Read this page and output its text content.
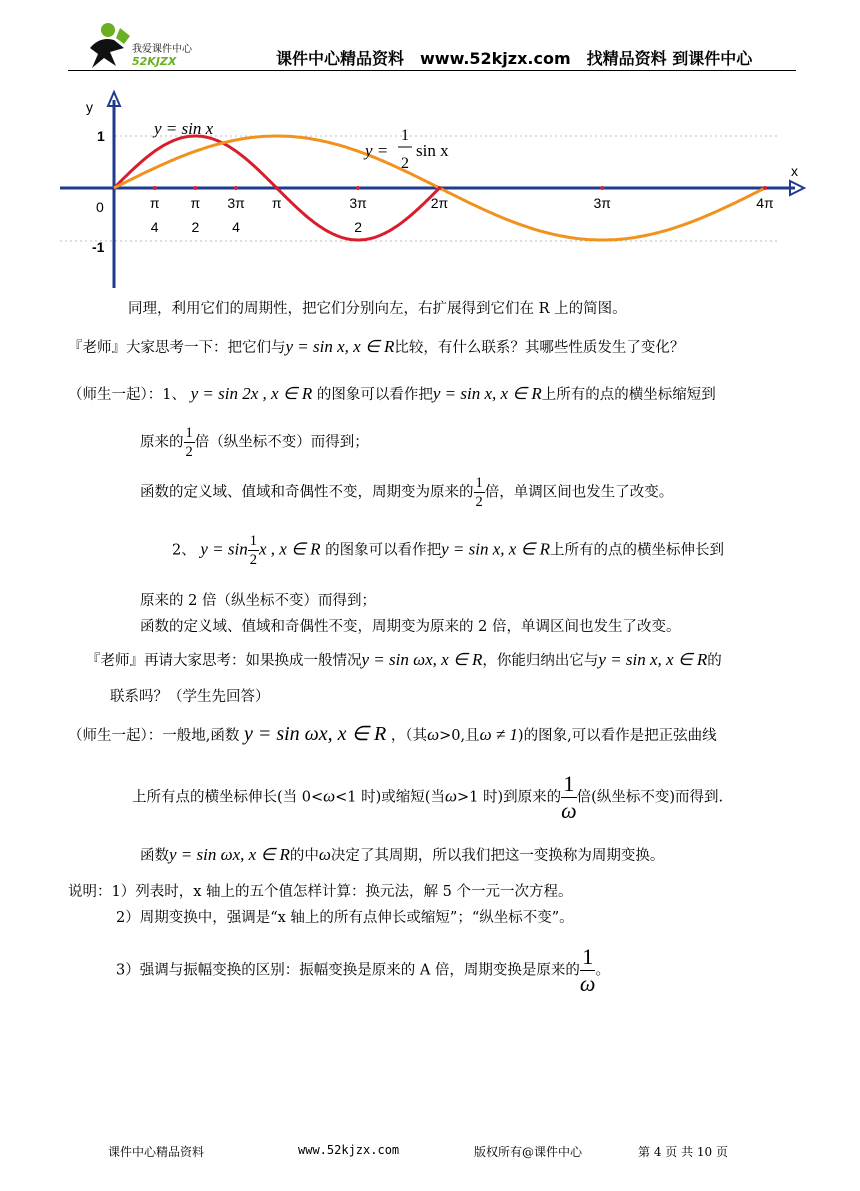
我爱课件中心
52KJZX	课件中心精品资料　www.52kjzx.com　找精品资料 到课件中心
π
4
π
2
3π
4
π	3π
2
2π	3π	4π
y
x
0
1
-1
y = sin x
y =
1
2
sin x
同理，利用它们的周期性，把它们分别向左，右扩展得到它们在 R 上的简图。
『老师』大家思考一下：把它们与y = sin x, x ∈ R比较，有什么联系？其哪些性质发生了变化？
（师生一起）：1、 y = sin 2x , x ∈ R 的图象可以看作把y = sin x, x ∈ R上所有的点的横坐标缩短到
原来的 $\frac{1}{2}$ 倍（纵坐标不变）而得到；
函数的定义域、值域和奇偶性不变，周期变为原来的 $\frac{1}{2}$ 倍，单调区间也发生了改变。
2、 $y = \sin \frac{1}{2}$ x , x ∈ R 的图象可以看作把y = sin x, x ∈ R上所有的点的横坐标伸长到
原来的 2 倍（纵坐标不变）而得到；
函数的定义域、值域和奇偶性不变，周期变为原来的 2 倍，单调区间也发生了改变。
『老师』再请大家思考：如果换成一般情况y = sin ωx, x ∈ R，你能归纳出它与y = sin x, x ∈ R的
联系吗？（学生先回答）
（师生一起）：一般地,函数 y = sin ωx, x ∈ R ，（其ω>0,且ω ≠ 1)的图象,可以看作是把正弦曲线
上所有点的横坐标伸长(当 0<ω<1 时)或缩短(当ω>1 时)到原来的 $\frac{1}{\omega}$ 倍(纵坐标不变)而得到.
函数y = sin ωx, x ∈ R的中ω决定了其周期，所以我们把这一变换称为周期变换。
说明：1）列表时，x 轴上的五个值怎样计算：换元法，解 5 个一元一次方程。
2）周期变换中，强调是“x 轴上的所有点伸长或缩短”；“纵坐标不变”。
3）强调与振幅变换的区别：振幅变换是原来的 A 倍，周期变换是原来的 $\frac{1}{\omega}$ 。
课件中心精品资料	www.52kjzx.com	版权所有@课件中心	第 4 页 共 10 页
